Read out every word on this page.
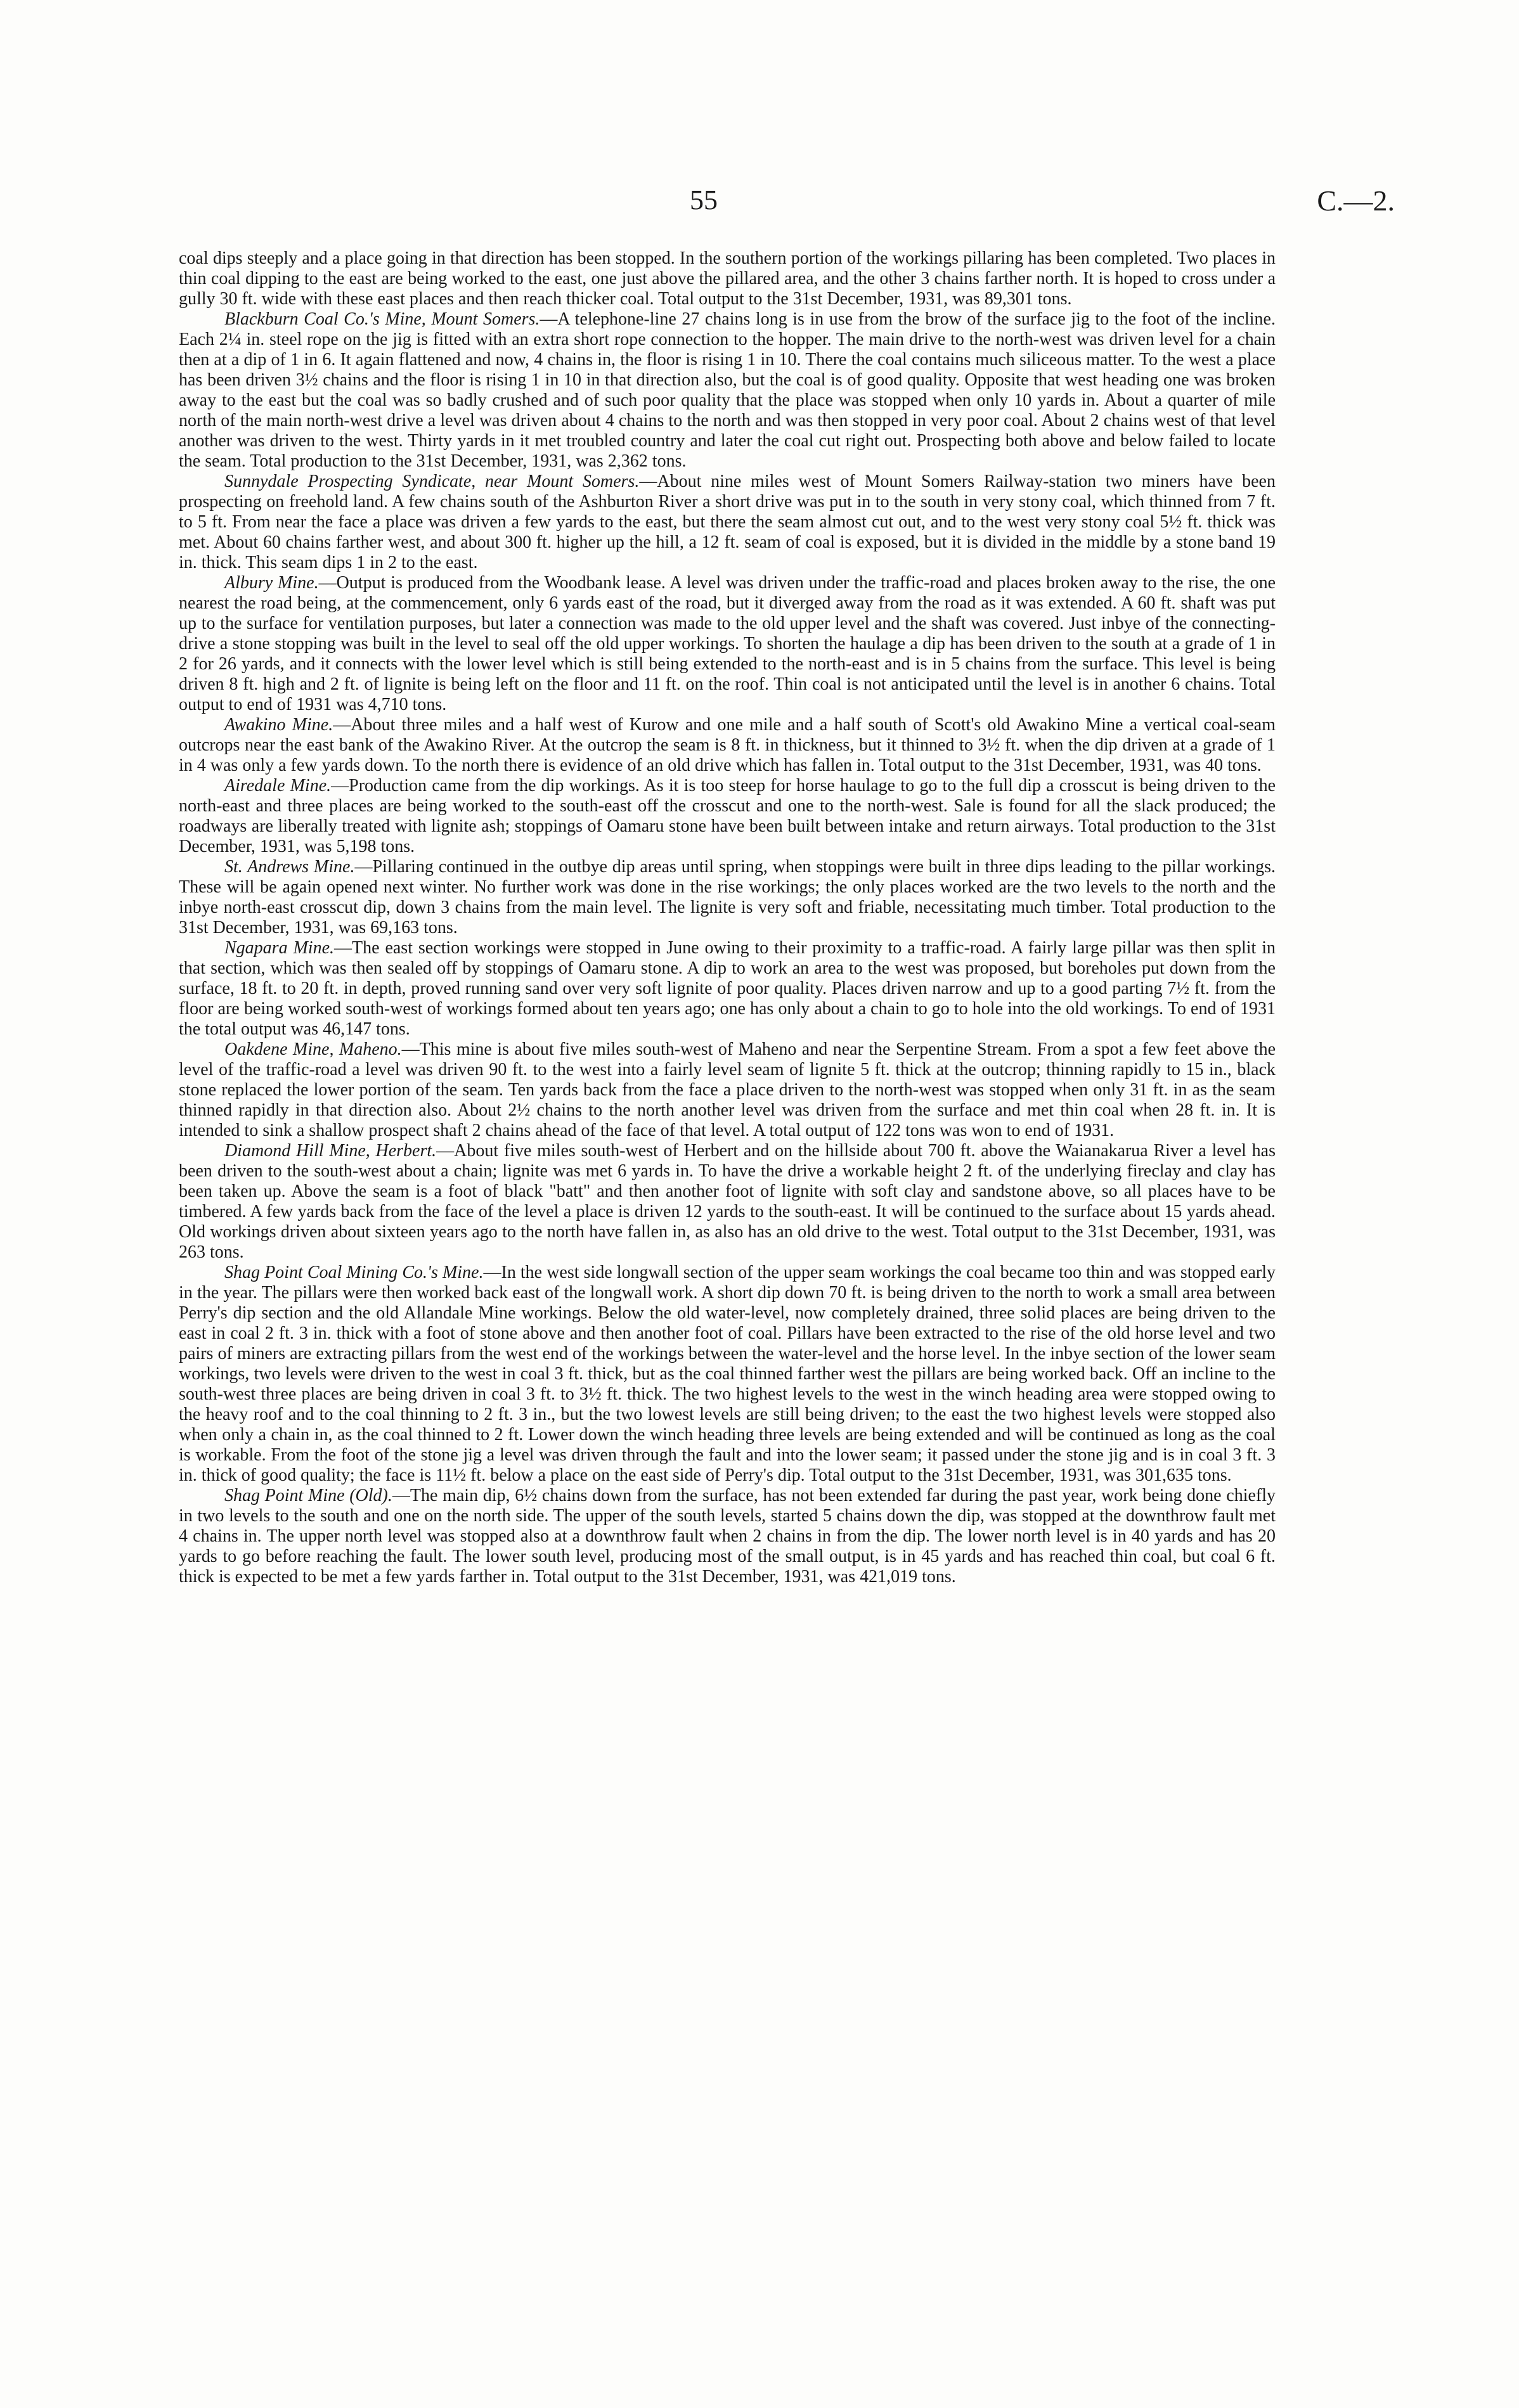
55	C.—2.

coal dips steeply and a place going in that direction has been stopped. In the southern portion of the workings pillaring has been completed. Two places in thin coal dipping to the east are being worked to the east, one just above the pillared area, and the other 3 chains farther north. It is hoped to cross under a gully 30 ft. wide with these east places and then reach thicker coal. Total output to the 31st December, 1931, was 89,301 tons.

Blackburn Coal Co.'s Mine, Mount Somers.—A telephone-line 27 chains long is in use from the brow of the surface jig to the foot of the incline. Each 2¼ in. steel rope on the jig is fitted with an extra short rope connection to the hopper. The main drive to the north-west was driven level for a chain then at a dip of 1 in 6. It again flattened and now, 4 chains in, the floor is rising 1 in 10. There the coal contains much siliceous matter. To the west a place has been driven 3½ chains and the floor is rising 1 in 10 in that direction also, but the coal is of good quality. Opposite that west heading one was broken away to the east but the coal was so badly crushed and of such poor quality that the place was stopped when only 10 yards in. About a quarter of mile north of the main north-west drive a level was driven about 4 chains to the north and was then stopped in very poor coal. About 2 chains west of that level another was driven to the west. Thirty yards in it met troubled country and later the coal cut right out. Prospecting both above and below failed to locate the seam. Total production to the 31st December, 1931, was 2,362 tons.

Sunnydale Prospecting Syndicate, near Mount Somers.—About nine miles west of Mount Somers Railway-station two miners have been prospecting on freehold land. A few chains south of the Ashburton River a short drive was put in to the south in very stony coal, which thinned from 7 ft. to 5 ft. From near the face a place was driven a few yards to the east, but there the seam almost cut out, and to the west very stony coal 5½ ft. thick was met. About 60 chains farther west, and about 300 ft. higher up the hill, a 12 ft. seam of coal is exposed, but it is divided in the middle by a stone band 19 in. thick. This seam dips 1 in 2 to the east.

Albury Mine.—Output is produced from the Woodbank lease. A level was driven under the traffic-road and places broken away to the rise, the one nearest the road being, at the commencement, only 6 yards east of the road, but it diverged away from the road as it was extended. A 60 ft. shaft was put up to the surface for ventilation purposes, but later a connection was made to the old upper level and the shaft was covered. Just inbye of the connecting-drive a stone stopping was built in the level to seal off the old upper workings. To shorten the haulage a dip has been driven to the south at a grade of 1 in 2 for 26 yards, and it connects with the lower level which is still being extended to the north-east and is in 5 chains from the surface. This level is being driven 8 ft. high and 2 ft. of lignite is being left on the floor and 11 ft. on the roof. Thin coal is not anticipated until the level is in another 6 chains. Total output to end of 1931 was 4,710 tons.

Awakino Mine.—About three miles and a half west of Kurow and one mile and a half south of Scott's old Awakino Mine a vertical coal-seam outcrops near the east bank of the Awakino River. At the outcrop the seam is 8 ft. in thickness, but it thinned to 3½ ft. when the dip driven at a grade of 1 in 4 was only a few yards down. To the north there is evidence of an old drive which has fallen in. Total output to the 31st December, 1931, was 40 tons.

Airedale Mine.—Production came from the dip workings. As it is too steep for horse haulage to go to the full dip a crosscut is being driven to the north-east and three places are being worked to the south-east off the crosscut and one to the north-west. Sale is found for all the slack produced; the roadways are liberally treated with lignite ash; stoppings of Oamaru stone have been built between intake and return airways. Total production to the 31st December, 1931, was 5,198 tons.

St. Andrews Mine.—Pillaring continued in the outbye dip areas until spring, when stoppings were built in three dips leading to the pillar workings. These will be again opened next winter. No further work was done in the rise workings; the only places worked are the two levels to the north and the inbye north-east crosscut dip, down 3 chains from the main level. The lignite is very soft and friable, necessitating much timber. Total production to the 31st December, 1931, was 69,163 tons.

Ngapara Mine.—The east section workings were stopped in June owing to their proximity to a traffic-road. A fairly large pillar was then split in that section, which was then sealed off by stoppings of Oamaru stone. A dip to work an area to the west was proposed, but boreholes put down from the surface, 18 ft. to 20 ft. in depth, proved running sand over very soft lignite of poor quality. Places driven narrow and up to a good parting 7½ ft. from the floor are being worked south-west of workings formed about ten years ago; one has only about a chain to go to hole into the old workings. To end of 1931 the total output was 46,147 tons.

Oakdene Mine, Maheno.—This mine is about five miles south-west of Maheno and near the Serpentine Stream. From a spot a few feet above the level of the traffic-road a level was driven 90 ft. to the west into a fairly level seam of lignite 5 ft. thick at the outcrop; thinning rapidly to 15 in., black stone replaced the lower portion of the seam. Ten yards back from the face a place driven to the north-west was stopped when only 31 ft. in as the seam thinned rapidly in that direction also. About 2½ chains to the north another level was driven from the surface and met thin coal when 28 ft. in. It is intended to sink a shallow prospect shaft 2 chains ahead of the face of that level. A total output of 122 tons was won to end of 1931.

Diamond Hill Mine, Herbert.—About five miles south-west of Herbert and on the hillside about 700 ft. above the Waianakarua River a level has been driven to the south-west about a chain; lignite was met 6 yards in. To have the drive a workable height 2 ft. of the underlying fireclay and clay has been taken up. Above the seam is a foot of black "batt" and then another foot of lignite with soft clay and sandstone above, so all places have to be timbered. A few yards back from the face of the level a place is driven 12 yards to the south-east. It will be continued to the surface about 15 yards ahead. Old workings driven about sixteen years ago to the north have fallen in, as also has an old drive to the west. Total output to the 31st December, 1931, was 263 tons.

Shag Point Coal Mining Co.'s Mine.—In the west side longwall section of the upper seam workings the coal became too thin and was stopped early in the year. The pillars were then worked back east of the longwall work. A short dip down 70 ft. is being driven to the north to work a small area between Perry's dip section and the old Allandale Mine workings. Below the old water-level, now completely drained, three solid places are being driven to the east in coal 2 ft. 3 in. thick with a foot of stone above and then another foot of coal. Pillars have been extracted to the rise of the old horse level and two pairs of miners are extracting pillars from the west end of the workings between the water-level and the horse level. In the inbye section of the lower seam workings, two levels were driven to the west in coal 3 ft. thick, but as the coal thinned farther west the pillars are being worked back. Off an incline to the south-west three places are being driven in coal 3 ft. to 3½ ft. thick. The two highest levels to the west in the winch heading area were stopped owing to the heavy roof and to the coal thinning to 2 ft. 3 in., but the two lowest levels are still being driven; to the east the two highest levels were stopped also when only a chain in, as the coal thinned to 2 ft. Lower down the winch heading three levels are being extended and will be continued as long as the coal is workable. From the foot of the stone jig a level was driven through the fault and into the lower seam; it passed under the stone jig and is in coal 3 ft. 3 in. thick of good quality; the face is 11½ ft. below a place on the east side of Perry's dip. Total output to the 31st December, 1931, was 301,635 tons.

Shag Point Mine (Old).—The main dip, 6½ chains down from the surface, has not been extended far during the past year, work being done chiefly in two levels to the south and one on the north side. The upper of the south levels, started 5 chains down the dip, was stopped at the downthrow fault met 4 chains in. The upper north level was stopped also at a downthrow fault when 2 chains in from the dip. The lower north level is in 40 yards and has 20 yards to go before reaching the fault. The lower south level, producing most of the small output, is in 45 yards and has reached thin coal, but coal 6 ft. thick is expected to be met a few yards farther in. Total output to the 31st December, 1931, was 421,019 tons.
